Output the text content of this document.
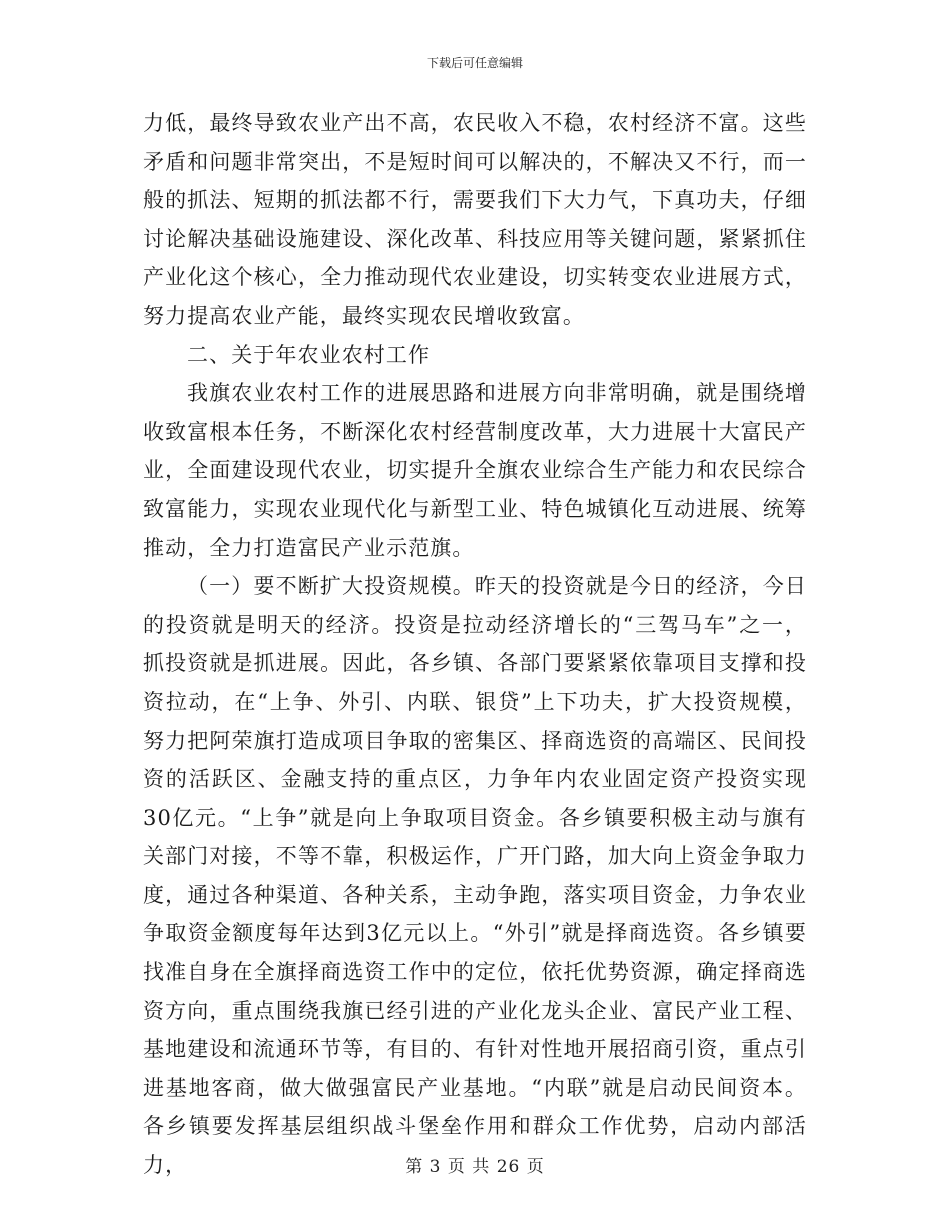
下载后可任意编辑

力低，最终导致农业产出不高，农民收入不稳，农村经济不富。这些矛盾和问题非常突出，不是短时间可以解决的，不解决又不行，而一般的抓法、短期的抓法都不行，需要我们下大力气，下真功夫，仔细讨论解决基础设施建设、深化改革、科技应用等关键问题，紧紧抓住产业化这个核心，全力推动现代农业建设，切实转变农业进展方式，努力提高农业产能，最终实现农民增收致富。

二、关于年农业农村工作

我旗农业农村工作的进展思路和进展方向非常明确，就是围绕增收致富根本任务，不断深化农村经营制度改革，大力进展十大富民产业，全面建设现代农业，切实提升全旗农业综合生产能力和农民综合致富能力，实现农业现代化与新型工业、特色城镇化互动进展、统筹推动，全力打造富民产业示范旗。

（一）要不断扩大投资规模。昨天的投资就是今日的经济，今日的投资就是明天的经济。投资是拉动经济增长的“三驾马车”之一，抓投资就是抓进展。因此，各乡镇、各部门要紧紧依靠项目支撑和投资拉动，在“上争、外引、内联、银贷”上下功夫，扩大投资规模，努力把阿荣旗打造成项目争取的密集区、择商选资的高端区、民间投资的活跃区、金融支持的重点区，力争年内农业固定资产投资实现30亿元。“上争”就是向上争取项目资金。各乡镇要积极主动与旗有关部门对接，不等不靠，积极运作，广开门路，加大向上资金争取力度，通过各种渠道、各种关系，主动争跑，落实项目资金，力争农业争取资金额度每年达到3亿元以上。“外引”就是择商选资。各乡镇要找准自身在全旗择商选资工作中的定位，依托优势资源，确定择商选资方向，重点围绕我旗已经引进的产业化龙头企业、富民产业工程、基地建设和流通环节等，有目的、有针对性地开展招商引资，重点引进基地客商，做大做强富民产业基地。“内联”就是启动民间资本。各乡镇要发挥基层组织战斗堡垒作用和群众工作优势，启动内部活力，	第 3 页 共 26 页
